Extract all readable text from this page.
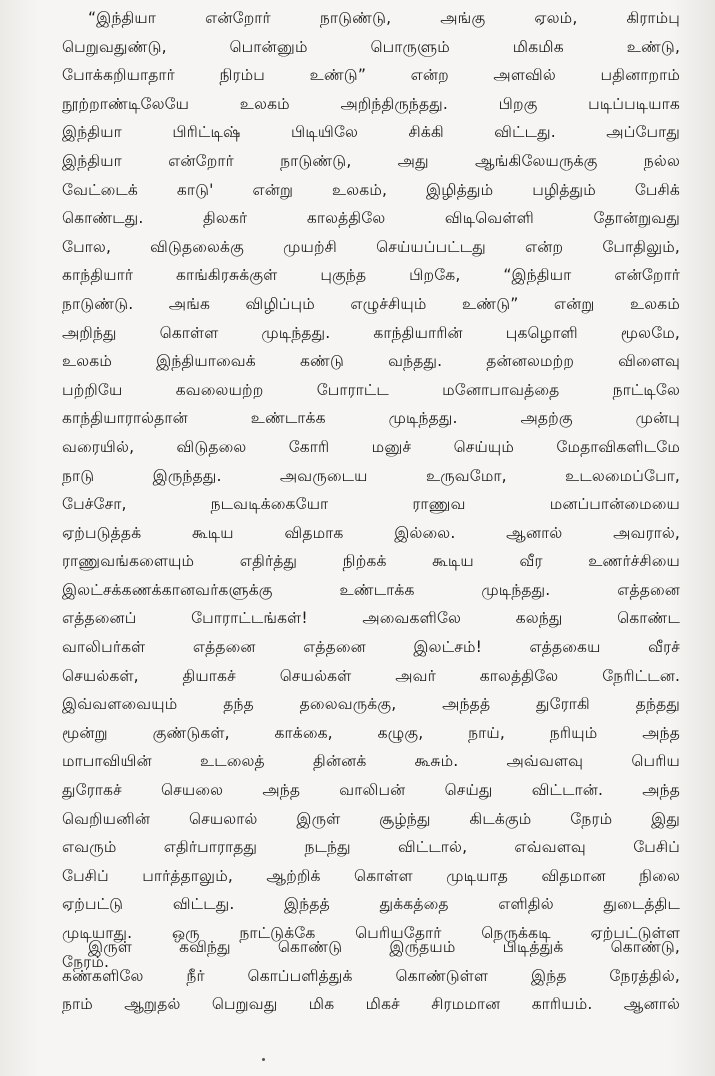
“இந்தியா என்றோர் நாடுண்டு, அங்கு ஏலம், கிராம்பு
பெறுவதுண்டு, பொன்னும் பொருளும் மிகமிக உண்டு,
போக்கறியாதார் நிரம்ப உண்டு” என்ற அளவில் பதினாறாம்
நூற்றாண்டிலேயே உலகம் அறிந்திருந்தது. பிறகு படிப்படியாக
இந்தியா பிரிட்டிஷ் பிடியிலே சிக்கி விட்டது. அப்போது
இந்தியா என்றோர் நாடுண்டு, அது ஆங்கிலேயருக்கு நல்ல
வேட்டைக் காடு' என்று உலகம், இழித்தும் பழித்தும் பேசிக்
கொண்டது. திலகர் காலத்திலே விடிவெள்ளி தோன்றுவது
போல, விடுதலைக்கு முயற்சி செய்யப்பட்டது என்ற போதிலும்,
காந்தியார் காங்கிரசுக்குள் புகுந்த பிறகே, “இந்தியா என்றோர்
நாடுண்டு. அங்க விழிப்பும் எழுச்சியும் உண்டு” என்று உலகம்
அறிந்து கொள்ள முடிந்தது. காந்தியாரின் புகழொளி மூலமே,
உலகம் இந்தியாவைக் கண்டு வந்தது. தன்னலமற்ற விளைவு
பற்றியே கவலையற்ற போராட்ட மனோபாவத்தை நாட்டிலே
காந்தியாரால்தான் உண்டாக்க முடிந்தது. அதற்கு முன்பு
வரையில், விடுதலை கோரி மனுச் செய்யும் மேதாவிகளிடமே
நாடு இருந்தது. அவருடைய உருவமோ, உடலமைப்போ,
பேச்சோ, நடவடிக்கையோ ராணுவ மனப்பான்மையை
ஏற்படுத்தக் கூடிய விதமாக இல்லை. ஆனால் அவரால்,
ராணுவங்களையும் எதிர்த்து நிற்கக் கூடிய வீர உணர்ச்சியை
இலட்சக்கணக்கானவர்களுக்கு உண்டாக்க முடிந்தது. எத்தனை
எத்தனைப் போராட்டங்கள்! அவைகளிலே கலந்து கொண்ட
வாலிபர்கள் எத்தனை எத்தனை இலட்சம்! எத்தகைய வீரச்
செயல்கள், தியாகச் செயல்கள் அவர் காலத்திலே நேரிட்டன.
இவ்வளவையும் தந்த தலைவருக்கு, அந்தத் துரோகி தந்தது
மூன்று குண்டுகள், காக்கை, கழுகு, நாய், நரியும் அந்த
மாபாவியின் உடலைத் தின்னக் கூசும். அவ்வளவு பெரிய
துரோகச் செயலை அந்த வாலிபன் செய்து விட்டான். அந்த
வெறியனின் செயலால் இருள் சூழ்ந்து கிடக்கும் நேரம் இது
எவரும் எதிர்பாராதது நடந்து விட்டால், எவ்வளவு பேசிப்
பேசிப் பார்த்தாலும், ஆற்றிக் கொள்ள முடியாத விதமான நிலை
ஏற்பட்டு விட்டது. இந்தத் துக்கத்தை எளிதில் துடைத்திட
முடியாது. ஒரு நாட்டுக்கே பெரியதோர் நெருக்கடி ஏற்பட்டுள்ள
நேரம்.
இருள் கவிந்து கொண்டு இருதயம் பிடித்துக் கொண்டு,
கண்களிலே நீர் கொப்பளித்துக் கொண்டுள்ள இந்த நேரத்தில்,
நாம் ஆறுதல் பெறுவது மிக மிகச் சிரமமான காரியம். ஆனால்
